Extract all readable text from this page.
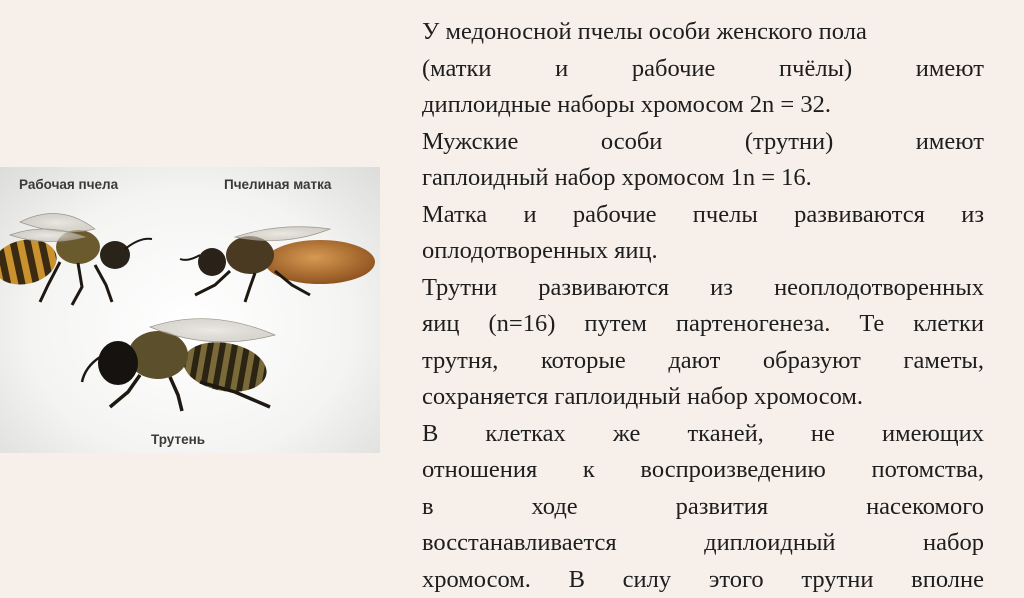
Рабочая пчела	Пчелиная матка
Трутень

У медоносной пчелы особи женского пола

(матки и рабочие пчёлы) имеют

диплоидные наборы хромосом 2n = 32.

Мужские особи (трутни) имеют

гаплоидный набор хромосом 1n = 16.

Матка и рабочие пчелы развиваются из

оплодотворенных яиц.

Трутни развиваются из неоплодотворенных

яиц (n=16) путем партеногенеза. Те клетки

трутня, которые дают образуют гаметы,

сохраняется гаплоидный набор хромосом.

В клетках же тканей, не имеющих

отношения к воспроизведению потомства,

в ходе развития насекомого

восстанавливается диплоидный набор

хромосом. В силу этого трутни вполне
